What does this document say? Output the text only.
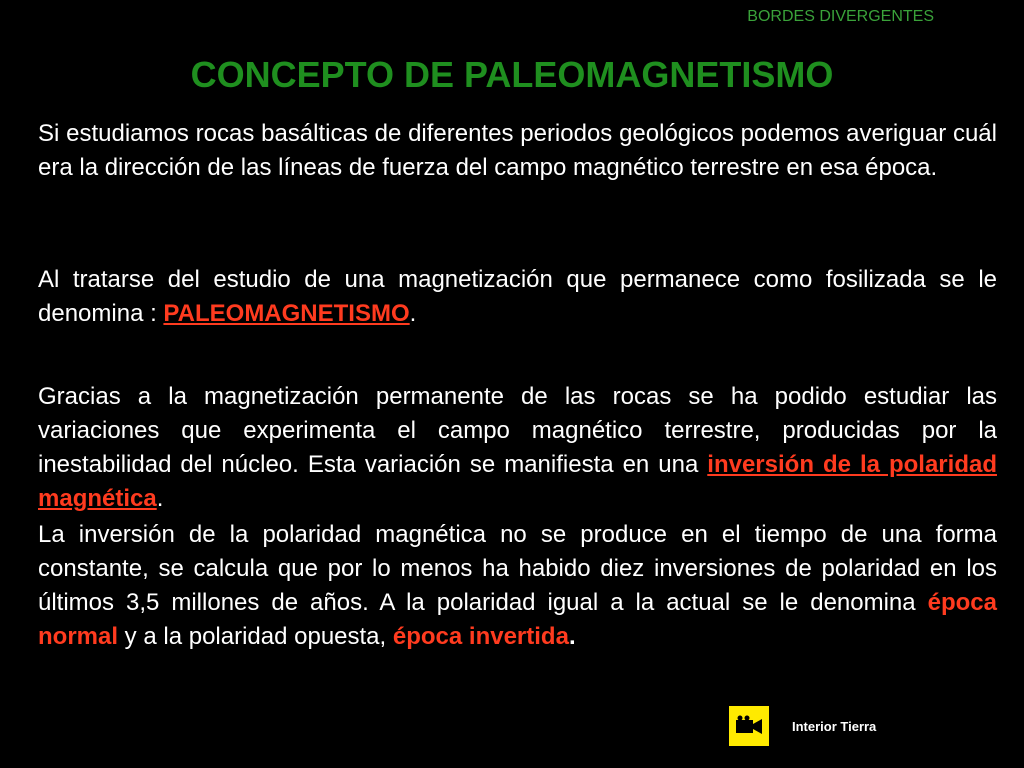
BORDES DIVERGENTES
CONCEPTO DE PALEOMAGNETISMO

Si estudiamos rocas basálticas de diferentes periodos geológicos podemos averiguar cuál era la dirección de las líneas de fuerza del campo magnético terrestre en esa época.

Al tratarse del estudio de una magnetización que permanece como fosilizada se le denomina : PALEOMAGNETISMO.

Gracias a la magnetización permanente de las rocas se ha podido estudiar las variaciones que experimenta el campo magnético terrestre, producidas por la inestabilidad del núcleo. Esta variación se manifiesta en una inversión de la polaridad magnética.

La inversión de la polaridad magnética no se produce en el tiempo de una forma constante, se calcula que por lo menos ha habido diez inversiones de polaridad en los últimos 3,5 millones de años. A la polaridad igual a la actual se le denomina época normal y a la polaridad opuesta, época invertida.

Interior Tierra
